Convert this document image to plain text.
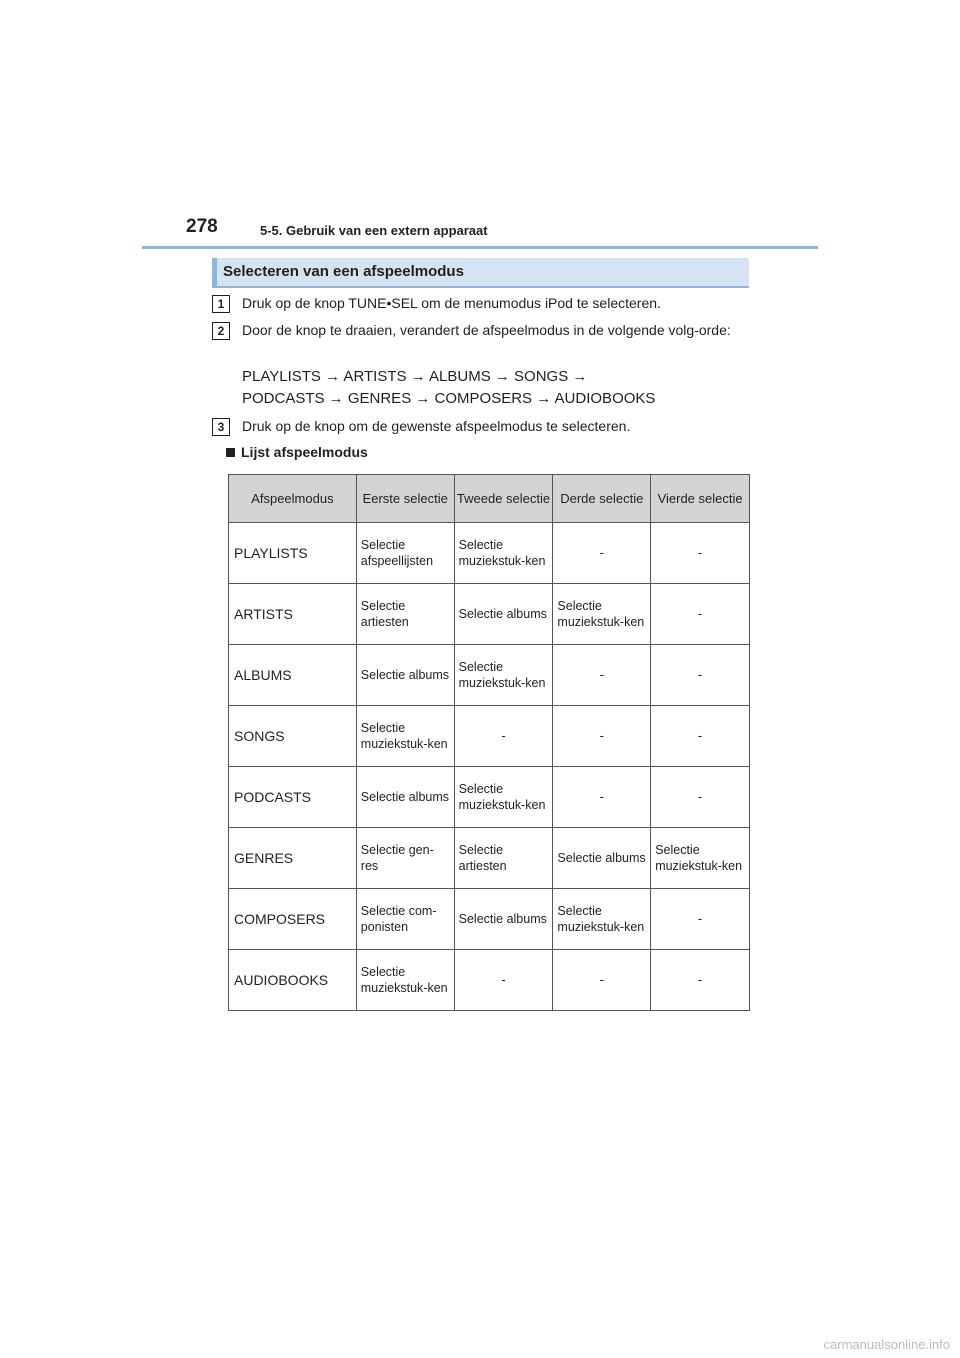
278	5-5. Gebruik van een extern apparaat
Selecteren van een afspeelmodus
1	Druk op de knop TUNE•SEL om de menumodus iPod te selecteren.
2	Door de knop te draaien, verandert de afspeelmodus in de volgende volg-orde:
PLAYLISTS → ARTISTS → ALBUMS → SONGS →
PODCASTS → GENRES → COMPOSERS → AUDIOBOOKS
3	Druk op de knop om de gewenste afspeelmodus te selecteren.
Lijst afspeelmodus
Afspeelmodus	Eerste selectie	Tweede selectie	Derde selectie	Vierde selectie
PLAYLISTS	Selectie afspeellijsten	Selectie muziekstuk-ken	-	-
ARTISTS	Selectie artiesten	Selectie albums	Selectie muziekstuk-ken	-
ALBUMS	Selectie albums	Selectie muziekstuk-ken	-	-
SONGS	Selectie muziekstuk-ken	-	-	-
PODCASTS	Selectie albums	Selectie muziekstuk-ken	-	-
GENRES	Selectie gen-res	Selectie artiesten	Selectie albums	Selectie muziekstuk-ken
COMPOSERS	Selectie com-ponisten	Selectie albums	Selectie muziekstuk-ken	-
AUDIOBOOKS	Selectie muziekstuk-ken	-	-	-
carmanualsonline.info
